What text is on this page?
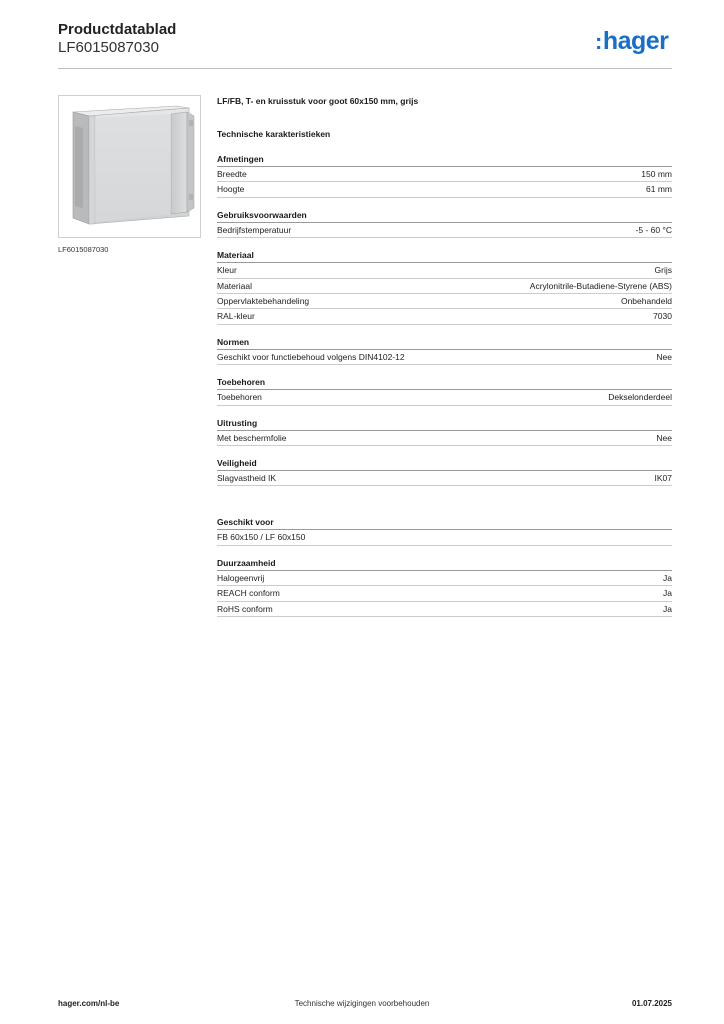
Productdatablad
LF6015087030	:hager
LF6015087030
LF/FB, T- en kruisstuk voor goot 60x150 mm, grijs
Technische karakteristieken
Afmetingen
Breedte	150 mm
Hoogte	61 mm
Gebruiksvoorwaarden
Bedrijfstemperatuur	-5 - 60 °C
Materiaal
Kleur	Grijs
Materiaal	Acrylonitrile-Butadiene-Styrene (ABS)
Oppervlaktebehandeling	Onbehandeld
RAL-kleur	7030
Normen
Geschikt voor functiebehoud volgens DIN4102-12	Nee
Toebehoren
Toebehoren	Dekselonderdeel
Uitrusting
Met beschermfolie	Nee
Veiligheid
Slagvastheid IK	IK07
Geschikt voor
FB 60x150 / LF 60x150
Duurzaamheid
Halogeenvrij	Ja
REACH conform	Ja
RoHS conform	Ja
hager.com/nl-be	Technische wijzigingen voorbehouden	01.07.2025
